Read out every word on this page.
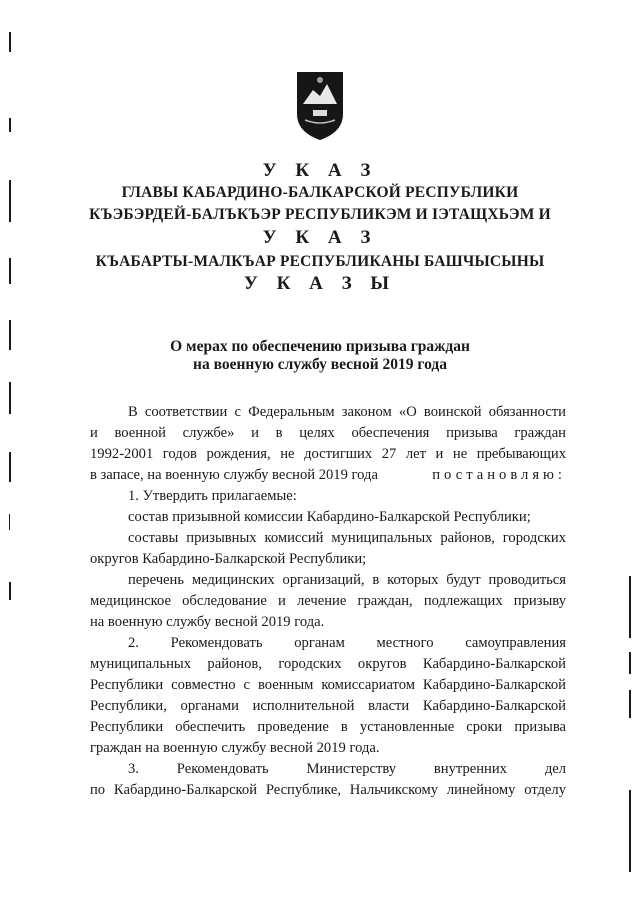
У К А З
ГЛАВЫ КАБАРДИНО-БАЛКАРСКОЙ РЕСПУБЛИКИ
КЪЭБЭРДЕЙ-БАЛЪКЪЭР РЕСПУБЛИКЭМ И IЭТАЩХЬЭМ И
У К А З
КЪАБАРТЫ-МАЛКЪАР РЕСПУБЛИКАНЫ БАШЧЫСЫНЫ
У К А З Ы
О мерах по обеспечению призыва граждан
на военную службу весной 2019 года
В соответствии с Федеральным законом «О воинской обязанности
и военной службе» и в целях обеспечения призыва граждан
1992-2001 годов рождения, не достигших 27 лет и не пребывающих
в запасе, на военную службу весной 2019 года	постановляю:
1. Утвердить прилагаемые:
состав призывной комиссии Кабардино-Балкарской Республики;
составы призывных комиссий муниципальных районов, городских
округов Кабардино-Балкарской Республики;
перечень медицинских организаций, в которых будут проводиться
медицинское обследование и лечение граждан, подлежащих призыву
на военную службу весной 2019 года.
2. Рекомендовать органам местного самоуправления
муниципальных районов, городских округов Кабардино-Балкарской
Республики совместно с военным комиссариатом Кабардино-Балкарской
Республики, органами исполнительной власти Кабардино-Балкарской
Республики обеспечить проведение в установленные сроки призыва
граждан на военную службу весной 2019 года.
3. Рекомендовать Министерству внутренних дел
по Кабардино-Балкарской Республике, Нальчикскому линейному отделу
